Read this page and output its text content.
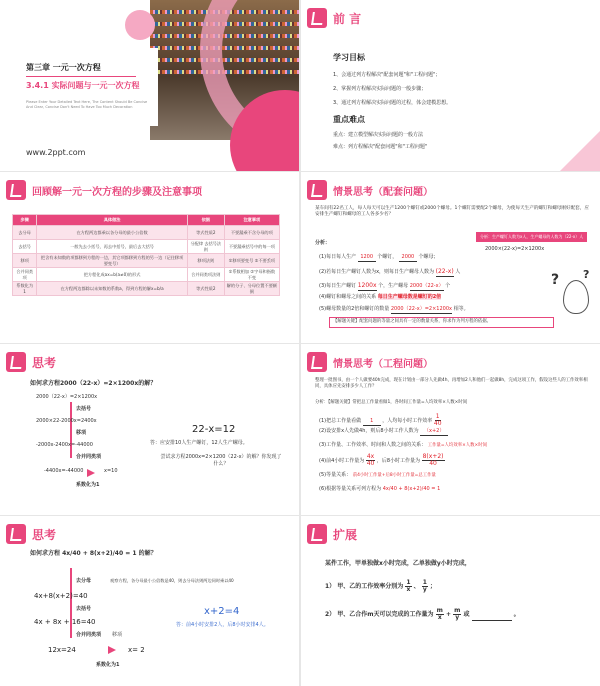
第三章 一元一次方程
3.4.1 实际问题与一元一次方程
Please Enter Your Detailed Text Here, The Content Should Be Concise And Clear, Concise Don't Need To Have Too Much Decoration
www.2ppt.com
前 言
学习目标
1、会通过列方程解决"配套问题"和"工程问题"；
2、掌握列方程解决实际问题的一般步骤；
3、通过列方程解决实际问题的过程，体会建模思想。
重点难点
重点：建立模型解决实际问题的一般方法
难点：列方程解决"配套问题"和"工程问题"
回顾解一元一次方程的步骤及注意事项
步骤	具体做法	依据	注意事项
去分母	在方程两边都乘以各分母的最小公倍数	等式性质2	不要漏乘不含分母的项
去括号	一般先去小括号，再去中括号，最后去大括号	分配律 去括号法则	不要漏乘括号中的每一项
移项	把含有未知数的项都移到方程的一边，其它项都移到方程的另一边（记住移项要变号）	移项法则	①移项要变号 ②不要丢项
合并同类项	把方程化成ax=b(a≠0)的形式	合并同类项法则	①系数相加 ②字母和指数不变
系数化为1	在方程两边都除以未知数的系数a，得到方程的解x=b/a	等式性质2	解的分子、分母位置不要颠倒
情景思考（配套问题）
某车间有22名工人，每人每天可以生产1200个螺钉或2000个螺母。1个螺钉需要配2个螺母，为使每天生产的螺钉和螺母刚好配套，应安排生产螺钉和螺母的工人各多少名？
分析：生产螺钉人数为x人，生产螺母的人数为（22-x）人
分析：
2000×(22-x)=2×1200x
(1)每日每人生产 1200 个螺钉， 2000 个螺母；
(2)若每日生产螺钉人数为x，则每日生产螺母人数为 (22-x) 人
(3)每日生产螺钉 1200x 个，生产螺母 2000（22-x） 个
(4)螺钉和螺母之间的关系 每日生产螺母数是螺钉的2倍
(5)螺母数量的2倍和螺钉的数量 2000（22-x）=2×1200x 相等。
【解题关键】配套问题的等量之间具有一定的数量关系，你求作为列方程的依据。
? ?
思考
如何求方程2000（22-x）=2×1200x的解？
2000（22-x）=2×1200x
去括号
2000×22-2000x=2400x
移项
-2000x-2400x=-44000
合并同类项
-4400x=-44000	x=10
系数化为1
22-x=12
答：应安排10人生产螺钉，12人生产螺母。
尝试求方程2000x=2×1200（22-x）的解？你发现了什么？
情景思考（工程问题）
整理一批图书，由一个人做要40h完成，现在计划由一部分人先做4h，再增加2人和他们一起做8h，完成这项工作，假设这些人的工作效率相同，具体应先安排多少人工作？
分析：【解题关键】常把总工作量看做1，各时间工作量=人均效率×人数×时间
(1)把总工作量看做 1 ，人均每小时工作效率 $\frac{1}{40}$
(2)设安排x人先做4h，则后8小时工作人数为 （x+2）
(3)工作量、工作效率、时间和人数之间的关系： 工作量=人均效率×人数×时间
(4)前4小时工作量为 $\frac{4x}{40}$ ，后8小时工作量为 $\frac{8(x+2)}{40}$
(5)等量关系： 前4小时工作量+后8小时工作量=总工作量
(6)根据等量关系可列方程为 4x/40 + 8(x+2)/40 = 1
思考
如何求方程 4x/40 + 8(x+2)/40 = 1 的解？
去分母	观察方程，各分母最小公倍数是40，则去分母法则两边同时乘以40
4x+8(x+2)=40
去括号
4x + 8x + 16=40
合并同类项 移项
12x=24	x= 2
系数化为1
x+2=4
答：前4小时安排2人，后8小时安排4人。
扩展
某件工作，甲单独做x小时完成，乙单独做y小时完成，
1） 甲、乙的工作效率分别为 $\frac{1}{x}$ 、 $\frac{1}{y}$ ；
2） 甲、乙合作m天可以完成的工作量为 $\frac{m}{x} + \frac{m}{y}$ 或	。
